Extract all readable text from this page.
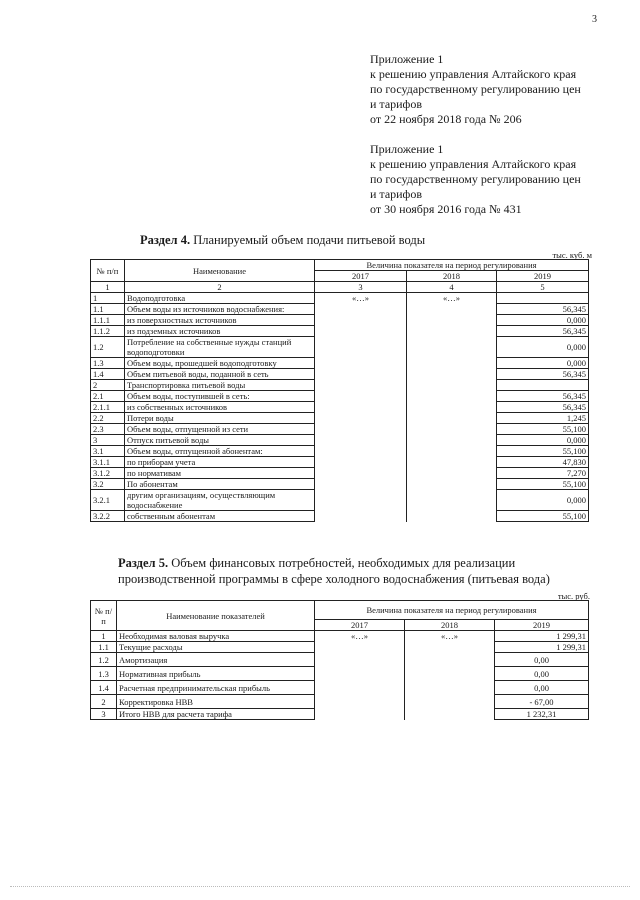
3
Приложение 1
к решению управления Алтайского края
по государственному регулированию цен
и тарифов
от 22 ноября 2018 года № 206
Приложение 1
к решению управления Алтайского края
по государственному регулированию цен
и тарифов
от 30 ноября 2016 года № 431
Раздел 4. Планируемый объем подачи питьевой воды
тыс. куб. м
№ п/п	Наименование	Величина показателя на период регулирования		
		2017	2018	2019
1	2	3	4	5
1	Водоподготовка	«…»	«…»	
1.1	Объем воды из источников водоснабжения:			56,345
1.1.1	из поверхностных источников			0,000
1.1.2	из подземных источников			56,345
1.2	Потребление на собственные нужды станций водоподготовки			0,000
1.3	Объем воды, прошедшей водоподготовку			0,000
1.4	Объем питьевой воды, поданной в сеть			56,345
2	Транспортировка питьевой воды			
2.1	Объем воды, поступившей в сеть:			56,345
2.1.1	из собственных источников			56,345
2.2	Потери воды			1,245
2.3	Объем воды, отпущенной из сети			55,100
3	Отпуск питьевой воды			0,000
3.1	Объем воды, отпущенной абонентам:			55,100
3.1.1	по приборам учета			47,830
3.1.2	по нормативам			7,270
3.2	По абонентам			55,100
3.2.1	другим организациям, осуществляющим водоснабжение			0,000
3.2.2	собственным абонентам			55,100
Раздел 5. Объем финансовых потребностей, необходимых для реализации производственной программы в сфере холодного водоснабжения (питьевая вода)
тыс. руб.
№ п/п	Наименование показателей	Величина показателя на период регулирования		
		2017	2018	2019
1	Необходимая валовая выручка	«…»	«…»	1 299,31
1.1	Текущие расходы			1 299,31
1.2	Амортизация			0,00
1.3	Нормативная прибыль			0,00
1.4	Расчетная предпринимательская прибыль			0,00
2	Корректировка НВВ			- 67,00
3	Итого НВВ для расчета тарифа			1 232,31
